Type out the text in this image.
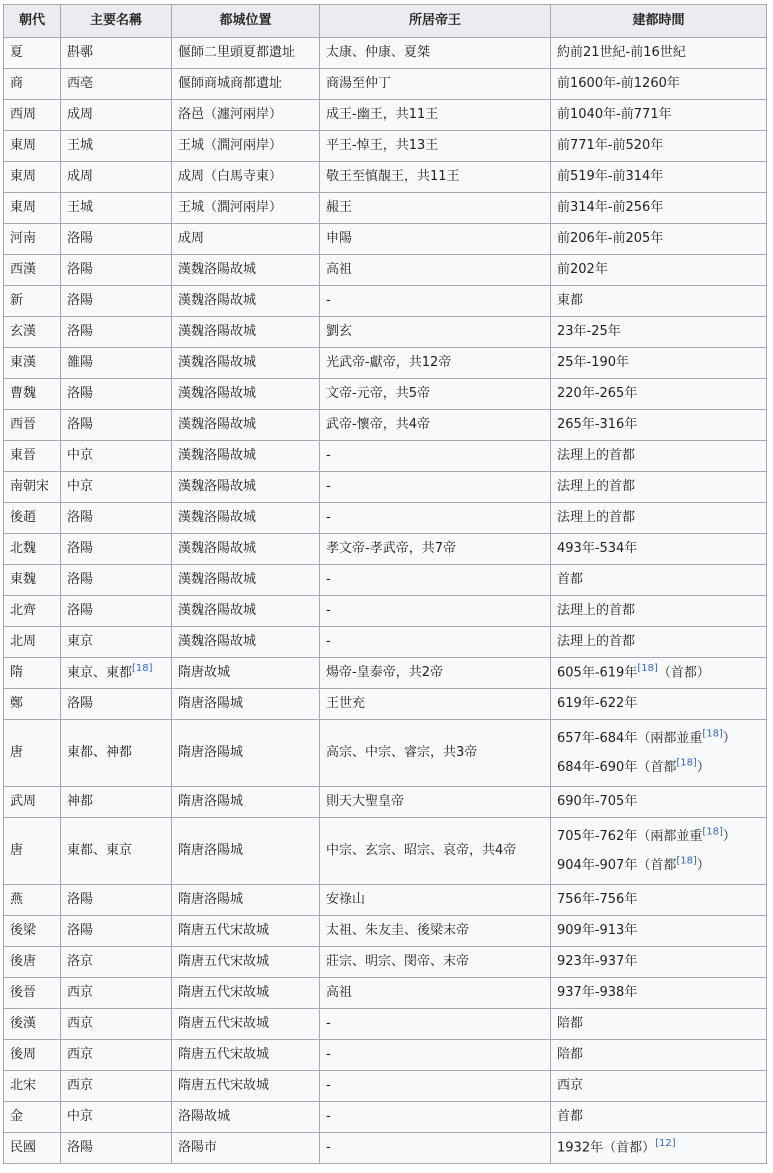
朝代	主要名稱	都城位置	所居帝王	建都時間
夏	斟鄩	偃師二里頭夏都遺址	太康、仲康、夏桀	約前21世紀-前16世紀
商	西亳	偃師商城商都遺址	商湯至仲丁	前1600年-前1260年
西周	成周	洛邑（瀍河兩岸）	成王-幽王，共11王	前1040年-前771年
東周	王城	王城（澗河兩岸）	平王-悼王，共13王	前771年-前520年
東周	成周	成周（白馬寺東）	敬王至慎靚王，共11王	前519年-前314年
東周	王城	王城（澗河兩岸）	赧王	前314年-前256年
河南	洛陽	成周	申陽	前206年-前205年
西漢	洛陽	漢魏洛陽故城	高祖	前202年
新	洛陽	漢魏洛陽故城	-	東都
玄漢	洛陽	漢魏洛陽故城	劉玄	23年-25年
東漢	雒陽	漢魏洛陽故城	光武帝-獻帝，共12帝	25年-190年
曹魏	洛陽	漢魏洛陽故城	文帝-元帝，共5帝	220年-265年
西晉	洛陽	漢魏洛陽故城	武帝-懷帝，共4帝	265年-316年
東晉	中京	漢魏洛陽故城	-	法理上的首都
南朝宋	中京	漢魏洛陽故城	-	法理上的首都
後趙	洛陽	漢魏洛陽故城	-	法理上的首都
北魏	洛陽	漢魏洛陽故城	孝文帝-孝武帝，共7帝	493年-534年
東魏	洛陽	漢魏洛陽故城	-	首都
北齊	洛陽	漢魏洛陽故城	-	法理上的首都
北周	東京	漢魏洛陽故城	-	法理上的首都
隋	東京、東都[18]	隋唐故城	煬帝-皇泰帝，共2帝	605年-619年[18]（首都）
鄭	洛陽	隋唐洛陽城	王世充	619年-622年
唐	東都、神都	隋唐洛陽城	高宗、中宗、睿宗，共3帝	657年-684年（兩都並重[18]）
684年-690年（首都[18]）

武周	神都	隋唐洛陽城	則天大聖皇帝	690年-705年
唐	東都、東京	隋唐洛陽城	中宗、玄宗、昭宗、哀帝，共4帝	705年-762年（兩都並重[18]）
904年-907年（首都[18]）

燕	洛陽	隋唐洛陽城	安祿山	756年-756年
後梁	洛陽	隋唐五代宋故城	太祖、朱友圭、後梁末帝	909年-913年
後唐	洛京	隋唐五代宋故城	莊宗、明宗、閔帝、末帝	923年-937年
後晉	西京	隋唐五代宋故城	高祖	937年-938年
後漢	西京	隋唐五代宋故城	-	陪都
後周	西京	隋唐五代宋故城	-	陪都
北宋	西京	隋唐五代宋故城	-	西京
金	中京	洛陽故城	-	首都
民國	洛陽	洛陽市	-	1932年（首都）[12]
